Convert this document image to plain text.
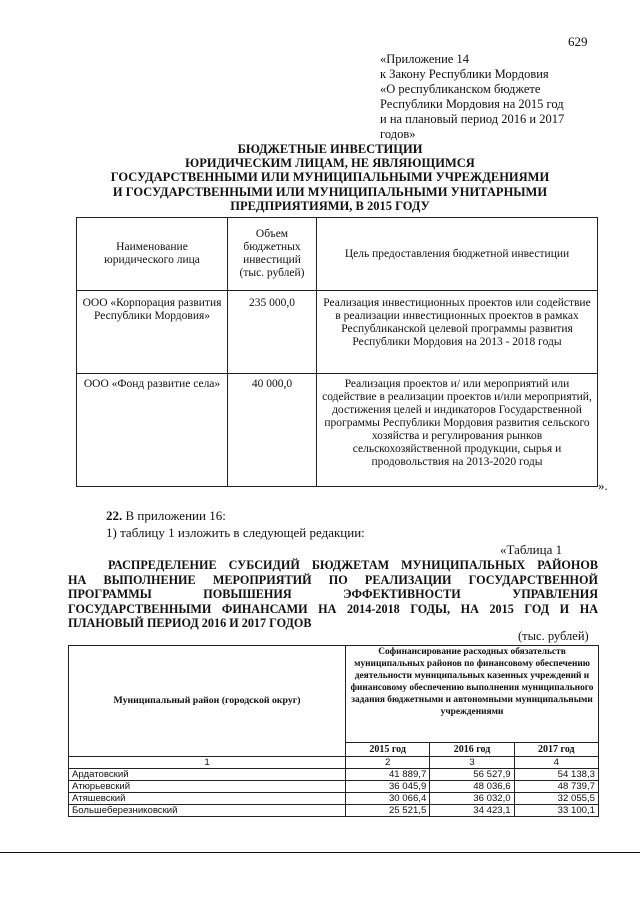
629
«Приложение 14
к Закону Республики Мордовия
«О республиканском бюджете
Республики Мордовия на 2015 год
и на плановый период 2016 и 2017
годов»
БЮДЖЕТНЫЕ ИНВЕСТИЦИИ
ЮРИДИЧЕСКИМ ЛИЦАМ, НЕ ЯВЛЯЮЩИМСЯ
ГОСУДАРСТВЕННЫМИ ИЛИ МУНИЦИПАЛЬНЫМИ УЧРЕЖДЕНИЯМИ
И ГОСУДАРСТВЕННЫМИ ИЛИ МУНИЦИПАЛЬНЫМИ УНИТАРНЫМИ
ПРЕДПРИЯТИЯМИ, В 2015 ГОДУ
Наименование юридического лица	Объем бюджетных инвестиций (тыс. рублей)	Цель предоставления бюджетной инвестиции
ООО «Корпорация развития Республики Мордовия»	235 000,0	Реализация инвестиционных проектов или содействие в реализации инвестиционных проектов в рамках Республиканской целевой программы развития Республики Мордовия на 2013 - 2018 годы
ООО «Фонд развитие села»	40 000,0	Реализация проектов и/ или мероприятий или содействие в реализации проектов и/или мероприятий, достижения целей и индикаторов Государственной программы Республики Мордовия развития сельского хозяйства и регулирования рынков сельскохозяйственной продукции, сырья и продовольствия на 2013-2020 годы
».
22. В приложении 16:
1) таблицу 1 изложить в следующей редакции:
«Таблица 1
РАСПРЕДЕЛЕНИЕ СУБСИДИЙ БЮДЖЕТАМ МУНИЦИПАЛЬНЫХ РАЙОНОВ
НА ВЫПОЛНЕНИЕ МЕРОПРИЯТИЙ ПО РЕАЛИЗАЦИИ ГОСУДАРСТВЕННОЙ
ПРОГРАММЫ ПОВЫШЕНИЯ ЭФФЕКТИВНОСТИ УПРАВЛЕНИЯ
ГОСУДАРСТВЕННЫМИ ФИНАНСАМИ НА 2014-2018 ГОДЫ, НА 2015 ГОД И НА
ПЛАНОВЫЙ ПЕРИОД 2016 И 2017 ГОДОВ
(тыс. рублей)
Муниципальный район (городской округ)	Софинансирование расходных обязательств муниципальных районов по финансовому обеспечению деятельности муниципальных казенных учреждений и финансовому обеспечению выполнения муниципального задания бюджетными и автономными муниципальными учреждениями		
	2015 год	2016 год	2017 год
1	2	3	4
Ардатовский	41 889,7	56 527,9	54 138,3
Атюрьевский	36 045,9	48 036,6	48 739,7
Атяшевский	30 066,4	36 032,0	32 055,5
Большеберезниковский	25 521,5	34 423,1	33 100,1
